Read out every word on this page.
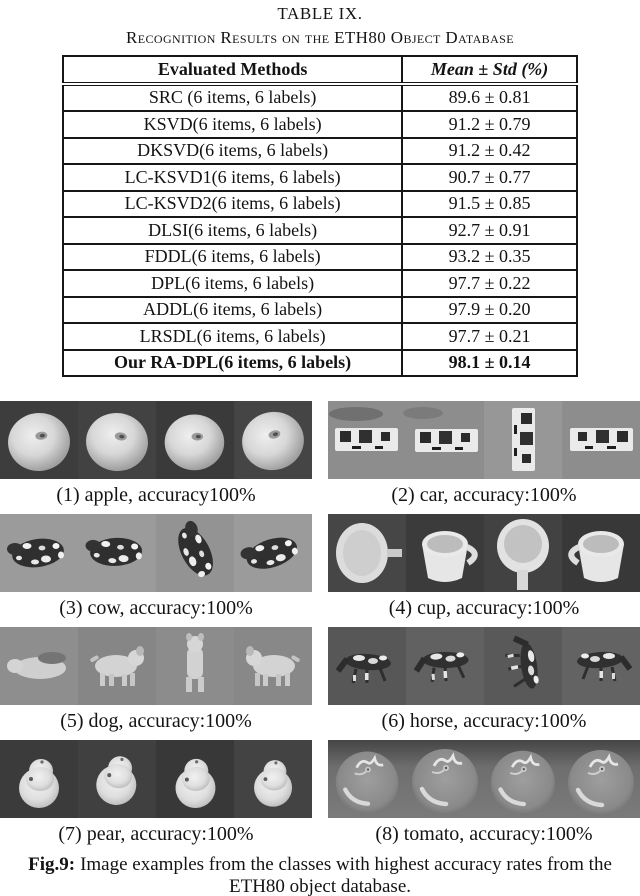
TABLE IX.
Recognition Results on the ETH80 Object Database
Evaluated Methods	Mean ± Std (%)
SRC (6 items, 6 labels)	89.6 ± 0.81
KSVD(6 items, 6 labels)	91.2 ± 0.79
DKSVD(6 items, 6 labels)	91.2 ± 0.42
LC-KSVD1(6 items, 6 labels)	90.7 ± 0.77
LC-KSVD2(6 items, 6 labels)	91.5 ± 0.85
DLSI(6 items, 6 labels)	92.7 ± 0.91
FDDL(6 items, 6 labels)	93.2 ± 0.35
DPL(6 items, 6 labels)	97.7 ± 0.22
ADDL(6 items, 6 labels)	97.9 ± 0.20
LRSDL(6 items, 6 labels)	97.7 ± 0.21
Our RA-DPL(6 items, 6 labels)	98.1 ± 0.14
(1) apple, accuracy100%	(2) car, accuracy:100%
(3) cow, accuracy:100%	(4) cup, accuracy:100%
(5) dog, accuracy:100%	(6) horse, accuracy:100%
(7) pear, accuracy:100%	(8) tomato, accuracy:100%
Fig.9: Image examples from the classes with highest accuracy rates from the ETH80 object database.
